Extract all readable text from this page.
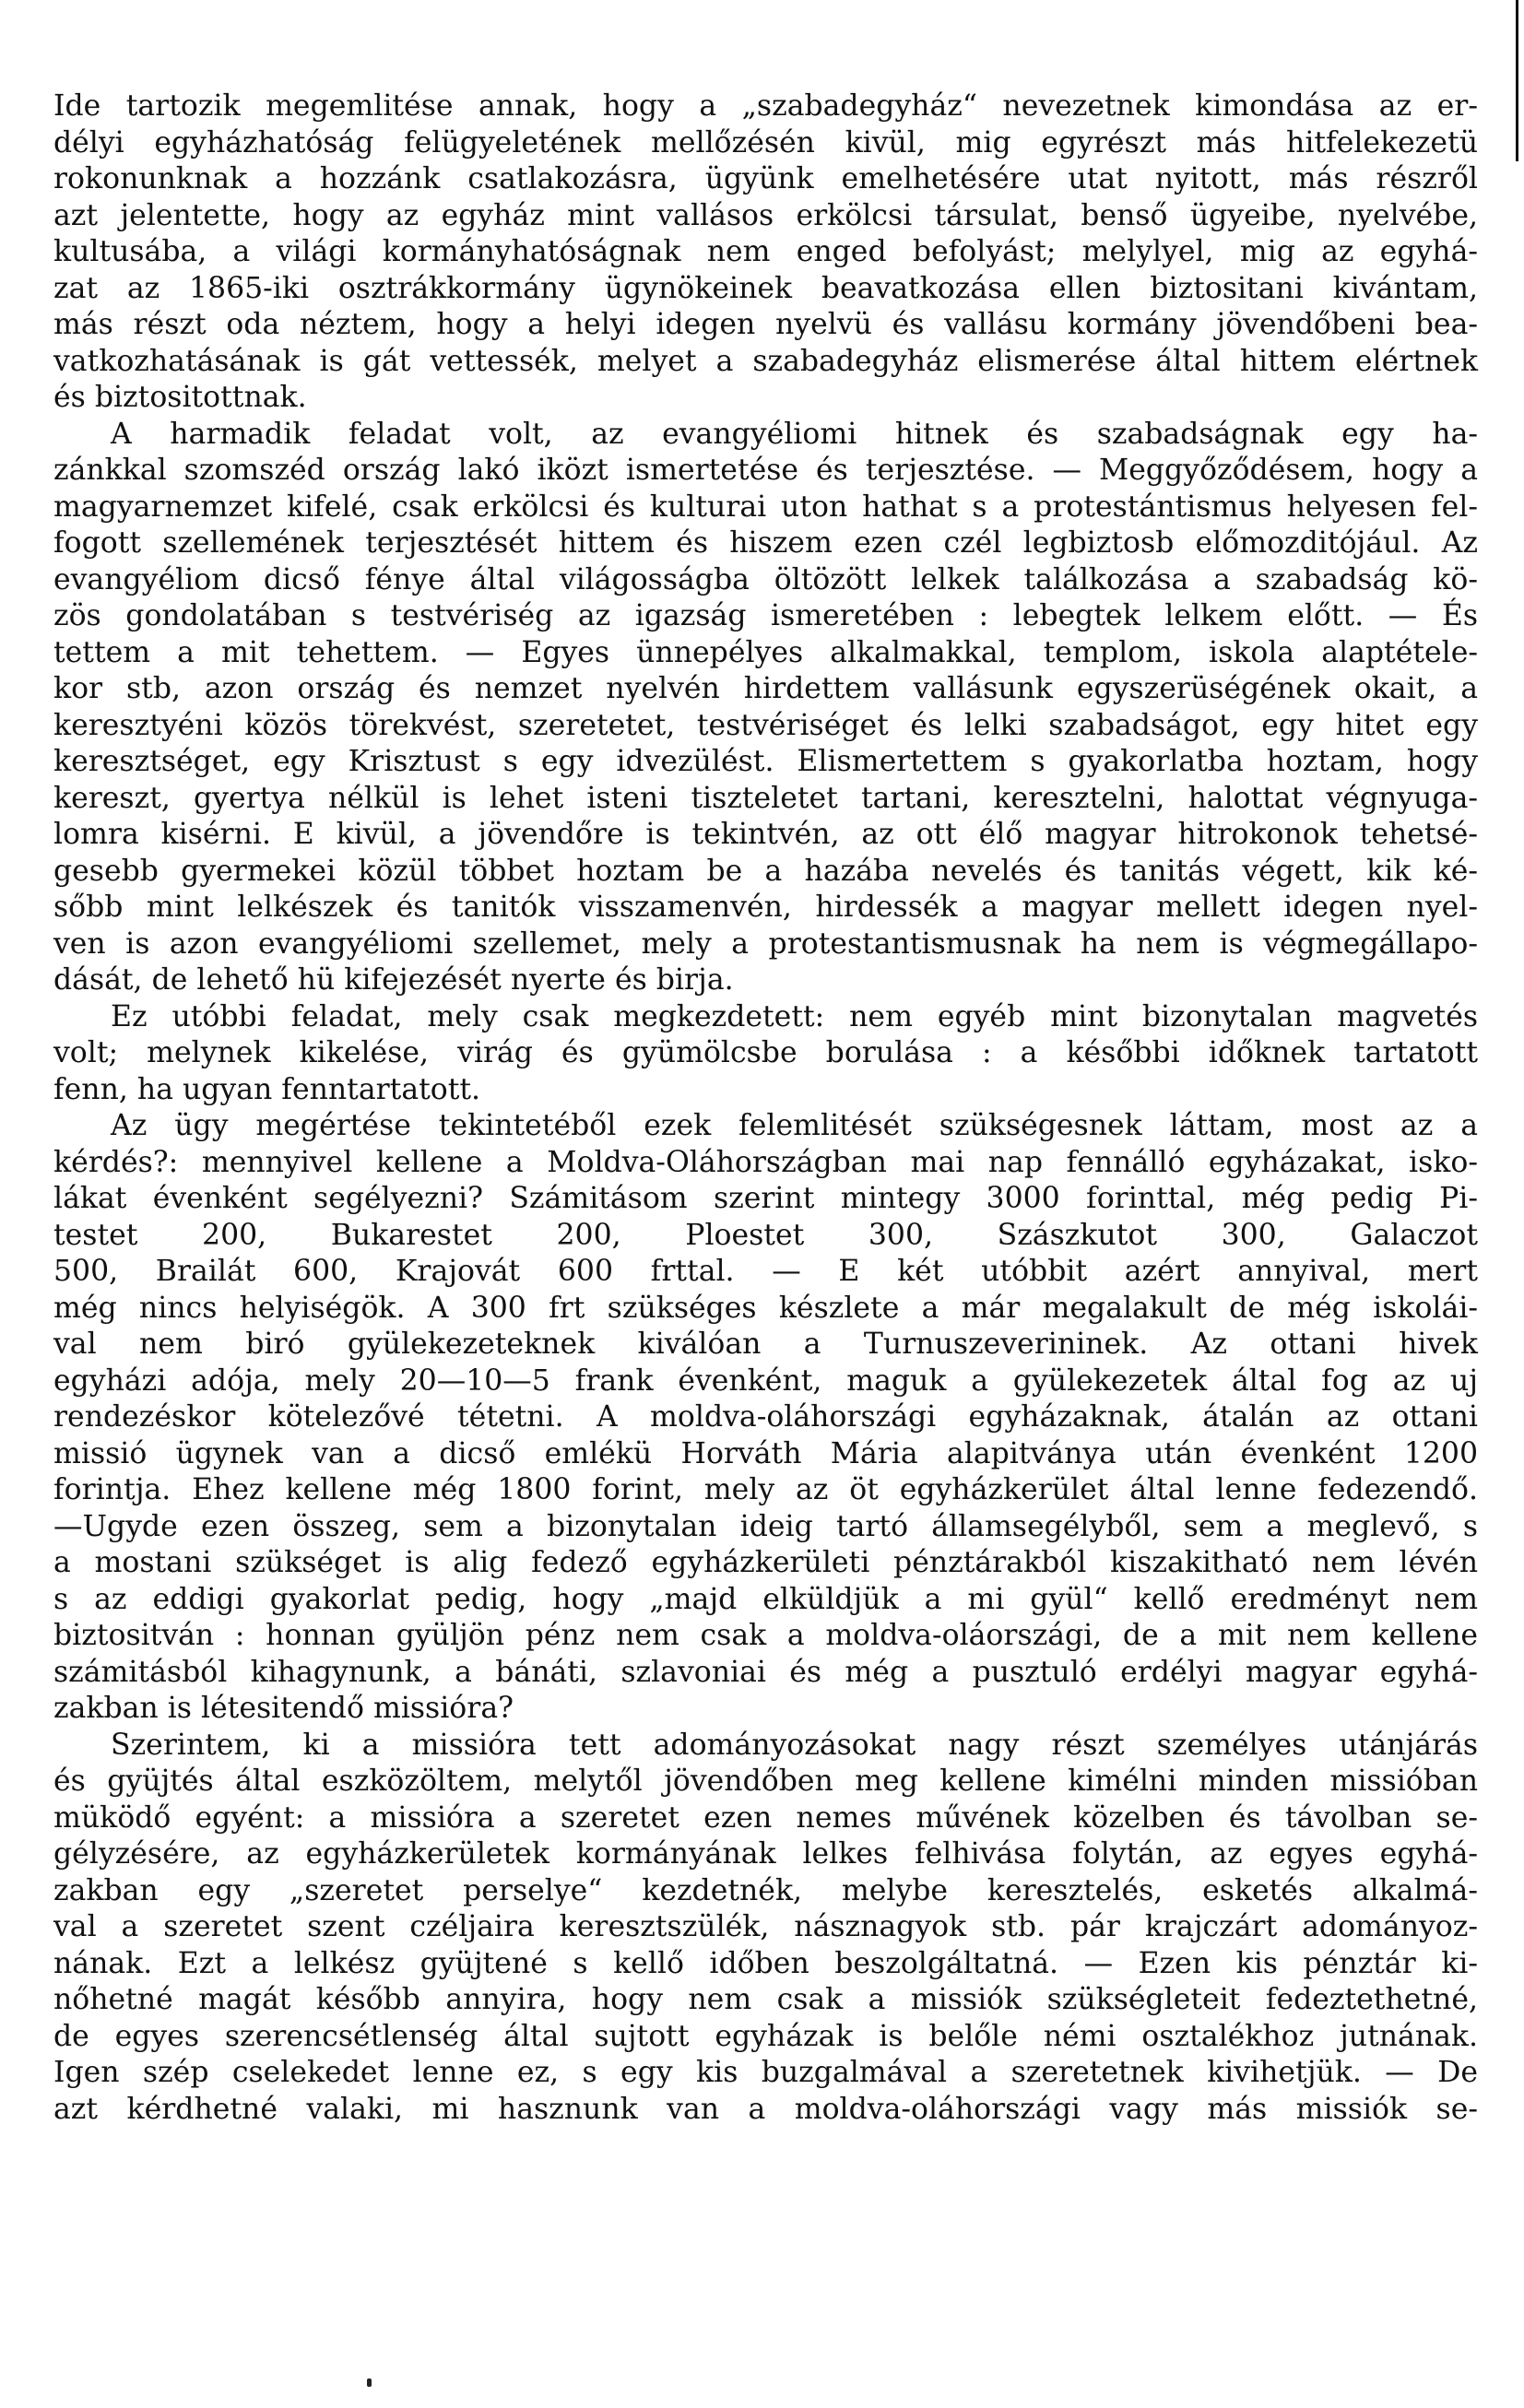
Ide tartozik megemlitése annak, hogy a „szabadegyház“ nevezetnek kimondása az er-
délyi egyházhatóság felügyeletének mellőzésén kivül, mig egyrészt más hitfelekezetü
rokonunknak a hozzánk csatlakozásra, ügyünk emelhetésére utat nyitott, más részről
azt jelentette, hogy az egyház mint vallásos erkölcsi társulat, benső ügyeibe, nyelvébe,
kultusába, a világi kormányhatóságnak nem enged befolyást; melylyel, mig az egyhá-
zat az 1865-iki osztrákkormány ügynökeinek beavatkozása ellen biztositani kivántam,
más részt oda néztem, hogy a helyi idegen nyelvü és vallásu kormány jövendőbeni bea-
vatkozhatásának is gát vettessék, melyet a szabadegyház elismerése által hittem elértnek
és biztositottnak.
A harmadik feladat volt, az evangyéliomi hitnek és szabadságnak egy ha-
zánkkal szomszéd ország lakó iközt ismertetése és terjesztése. — Meggyőződésem, hogy a
magyarnemzet kifelé, csak erkölcsi és kulturai uton hathat s a protestántismus helyesen fel-
fogott szellemének terjesztését hittem és hiszem ezen czél legbiztosb előmozditójául. Az
evangyéliom dicső fénye által világosságba öltözött lelkek találkozása a szabadság kö-
zös gondolatában s testvériség az igazság ismeretében : lebegtek lelkem előtt. — És
tettem a mit tehettem. — Egyes ünnepélyes alkalmakkal, templom, iskola alaptétele-
kor stb, azon ország és nemzet nyelvén hirdettem vallásunk egyszerüségének okait, a
keresztyéni közös törekvést, szeretetet, testvériséget és lelki szabadságot, egy hitet egy
keresztséget, egy Krisztust s egy idvezülést. Elismertettem s gyakorlatba hoztam, hogy
kereszt, gyertya nélkül is lehet isteni tiszteletet tartani, keresztelni, halottat végnyuga-
lomra kisérni. E kivül, a jövendőre is tekintvén, az ott élő magyar hitrokonok tehetsé-
gesebb gyermekei közül többet hoztam be a hazába nevelés és tanitás végett, kik ké-
sőbb mint lelkészek és tanitók visszamenvén, hirdessék a magyar mellett idegen nyel-
ven is azon evangyéliomi szellemet, mely a protestantismusnak ha nem is végmegállapo-
dását, de lehető hü kifejezését nyerte és birja.
Ez utóbbi feladat, mely csak megkezdetett: nem egyéb mint bizonytalan magvetés
volt; melynek kikelése, virág és gyümölcsbe borulása : a későbbi időknek tartatott
fenn, ha ugyan fenntartatott.
Az ügy megértése tekintetéből ezek felemlitését szükségesnek láttam, most az a
kérdés?: mennyivel kellene a Moldva-Oláhországban mai nap fennálló egyházakat, isko-
lákat évenként segélyezni? Számitásom szerint mintegy 3000 forinttal, még pedig Pi-
testet 200, Bukarestet 200, Ploestet 300, Szászkutot 300, Galaczot
500, Brailát 600, Krajovát 600 frttal. — E két utóbbit azért annyival, mert
még nincs helyiségök. A 300 frt szükséges készlete a már megalakult de még iskolái-
val nem biró gyülekezeteknek kiválóan a Turnuszeverininek. Az ottani hivek
egyházi adója, mely 20—10—5 frank évenként, maguk a gyülekezetek által fog az uj
rendezéskor kötelezővé tétetni. A moldva-oláhországi egyházaknak, átalán az ottani
missió ügynek van a dicső emlékü Horváth Mária alapitványa után évenként 1200
forintja. Ehez kellene még 1800 forint, mely az öt egyházkerület által lenne fedezendő.
—Ugyde ezen összeg, sem a bizonytalan ideig tartó államsegélyből, sem a meglevő, s
a mostani szükséget is alig fedező egyházkerületi pénztárakból kiszakitható nem lévén
s az eddigi gyakorlat pedig, hogy „majd elküldjük a mi gyül“ kellő eredményt nem
biztositván : honnan gyüljön pénz nem csak a moldva-oláországi, de a mit nem kellene
számitásból kihagynunk, a bánáti, szlavoniai és még a pusztuló erdélyi magyar egyhá-
zakban is létesitendő missióra?
Szerintem, ki a missióra tett adományozásokat nagy részt személyes utánjárás
és gyüjtés által eszközöltem, melytől jövendőben meg kellene kimélni minden missióban
müködő egyént: a missióra a szeretet ezen nemes művének közelben és távolban se-
gélyzésére, az egyházkerületek kormányának lelkes felhivása folytán, az egyes egyhá-
zakban egy „szeretet perselye“ kezdetnék, melybe keresztelés, esketés alkalmá-
val a szeretet szent czéljaira keresztszülék, násznagyok stb. pár krajczárt adományoz-
nának. Ezt a lelkész gyüjtené s kellő időben beszolgáltatná. — Ezen kis pénztár ki-
nőhetné magát később annyira, hogy nem csak a missiók szükségleteit fedeztethetné,
de egyes szerencsétlenség által sujtott egyházak is belőle némi osztalékhoz jutnának.
Igen szép cselekedet lenne ez, s egy kis buzgalmával a szeretetnek kivihetjük. — De
azt kérdhetné valaki, mi hasznunk van a moldva-oláhországi vagy más missiók se-
